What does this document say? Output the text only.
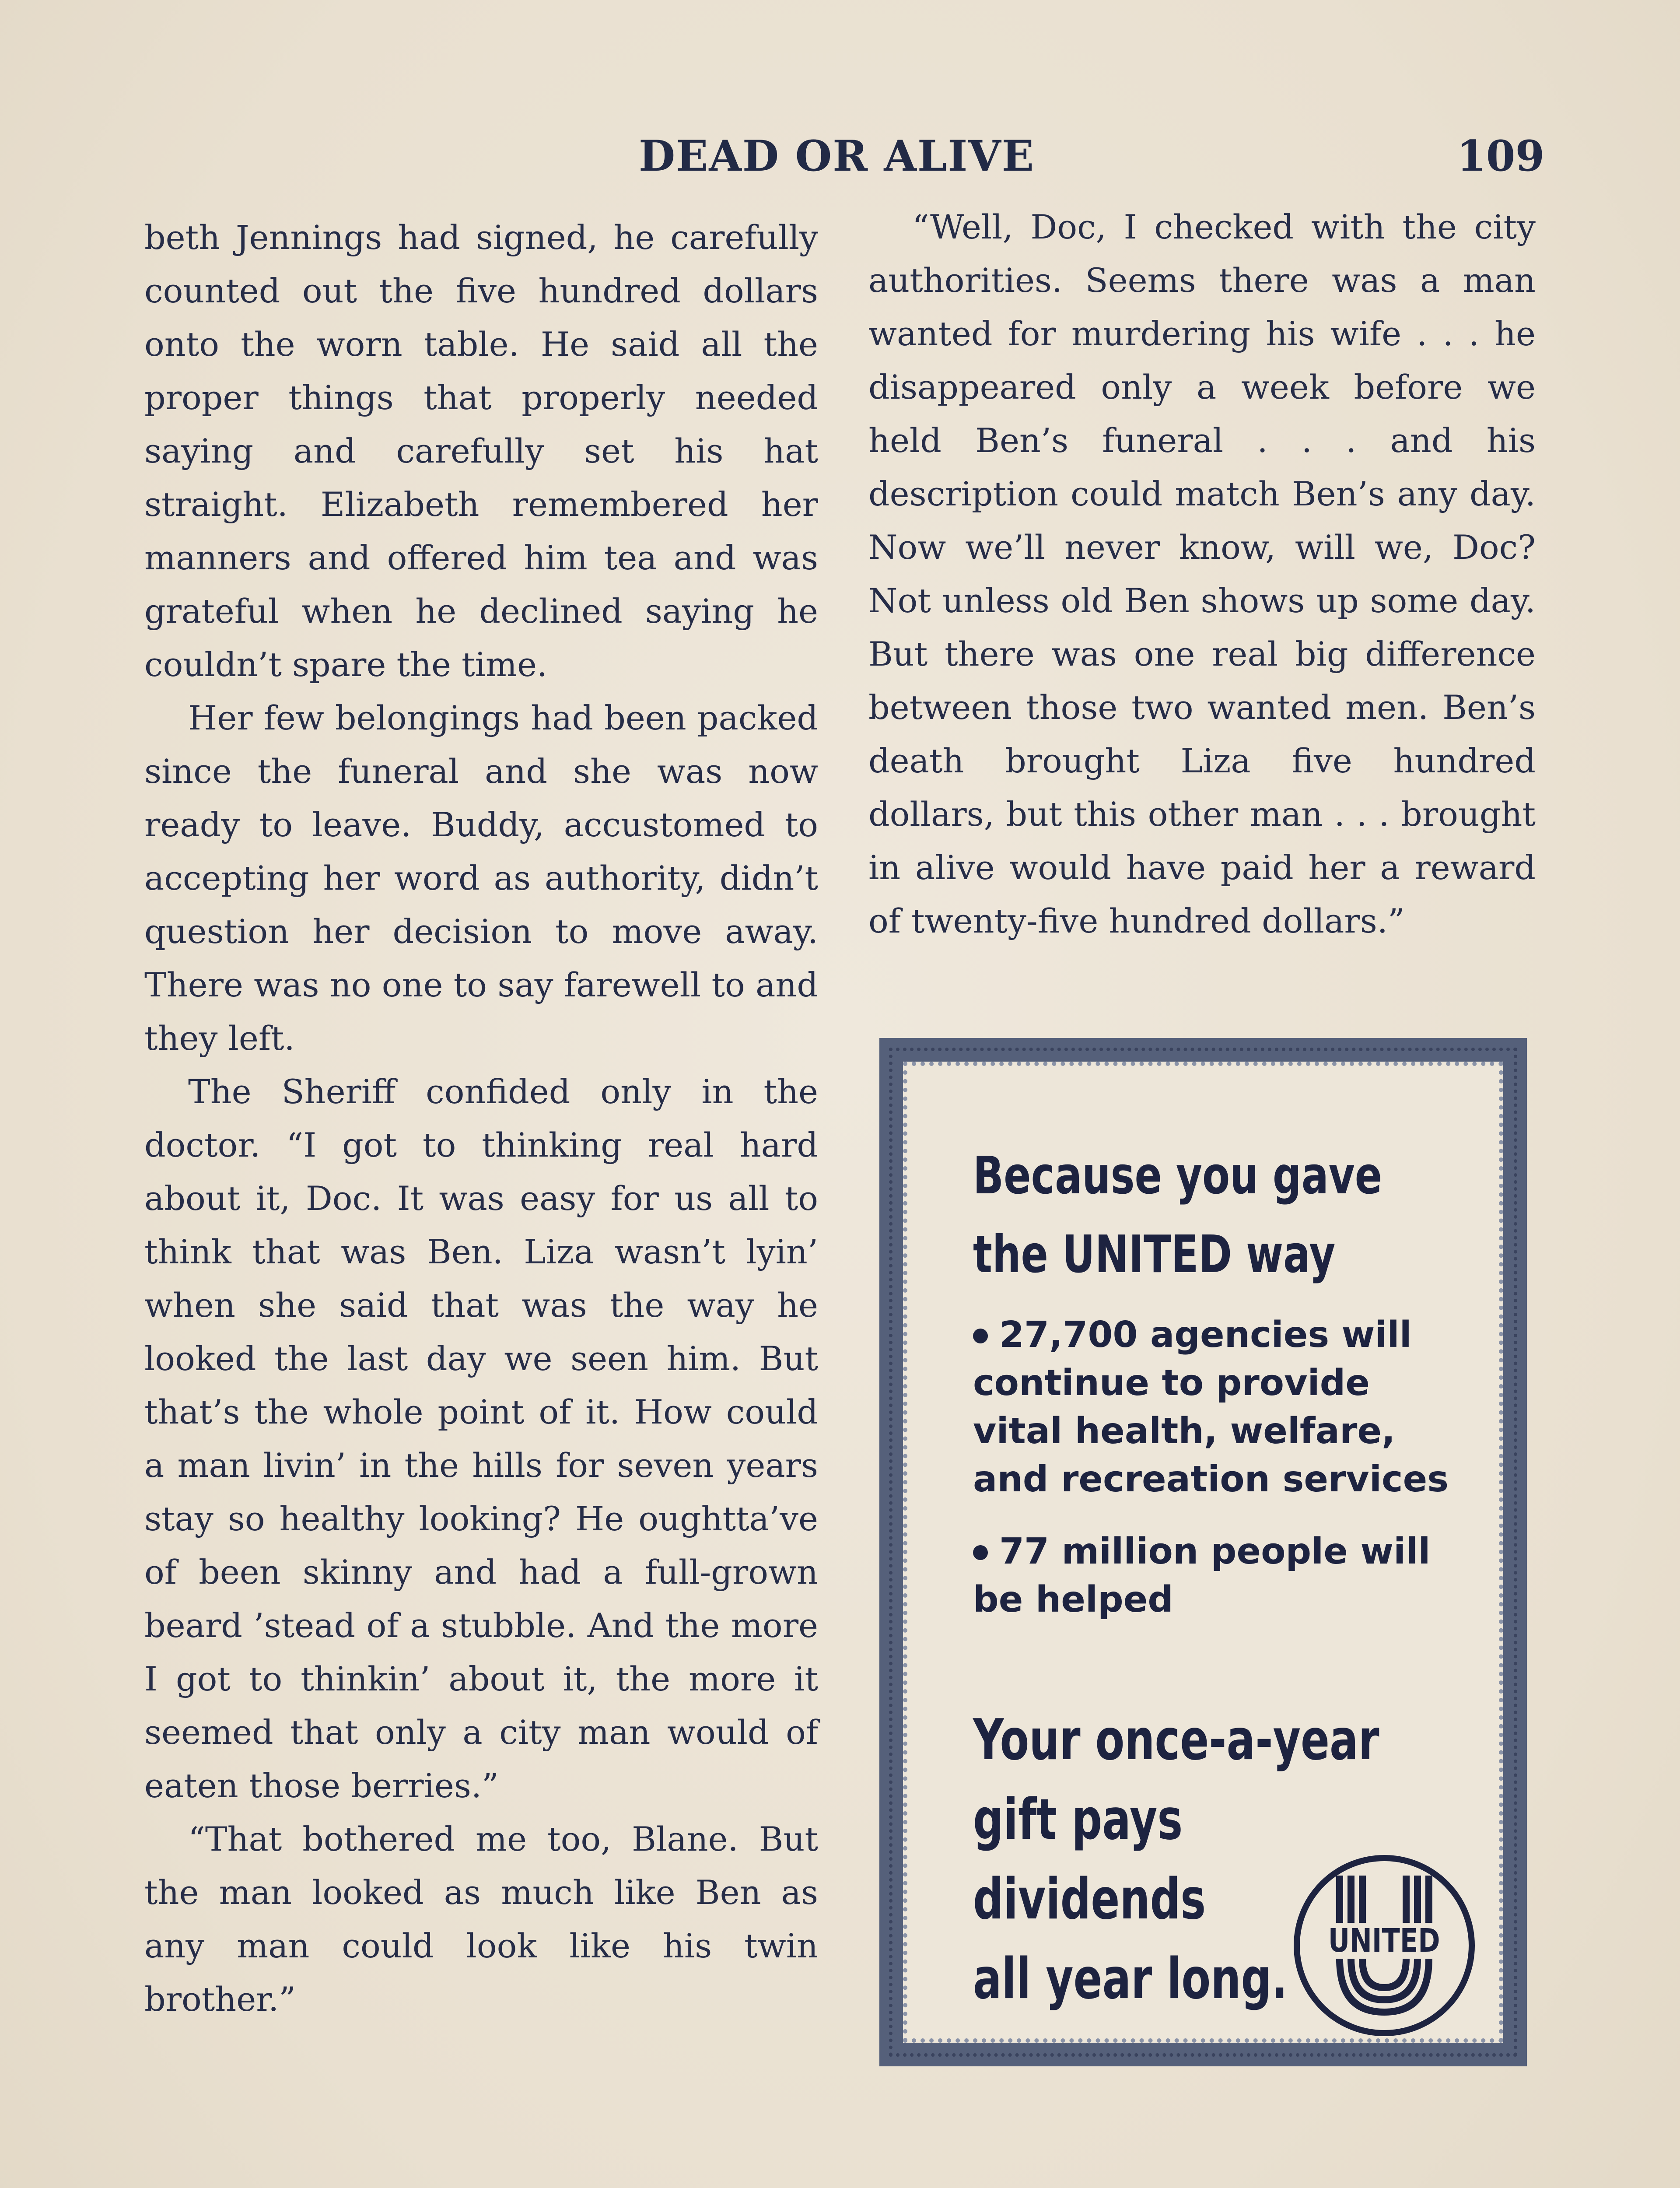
DEAD OR ALIVE	109

beth Jennings had signed, he carefully counted out the five hundred dollars onto the worn table. He said all the proper things that properly needed saying and carefully set his hat straight. Elizabeth remembered her manners and offered him tea and was grateful when he declined saying he couldn’t spare the time.

Her few belongings had been packed since the funeral and she was now ready to leave. Buddy, accustomed to accepting her word as authority, didn’t question her decision to move away. There was no one to say farewell to and they left.

The Sheriff confided only in the doctor. “I got to thinking real hard about it, Doc. It was easy for us all to think that was Ben. Liza wasn’t lyin’ when she said that was the way he looked the last day we seen him. But that’s the whole point of it. How could a man livin’ in the hills for seven years stay so healthy looking? He oughtta’ve of been skinny and had a full-grown beard ’stead of a stubble. And the more I got to thinkin’ about it, the more it seemed that only a city man would of eaten those berries.”

“That bothered me too, Blane. But the man looked as much like Ben as any man could look like his twin brother.”

“Well, Doc, I checked with the city authorities. Seems there was a man wanted for murdering his wife . . . he disappeared only a week before we held Ben’s funeral . . . and his description could match Ben’s any day. Now we’ll never know, will we, Doc? Not unless old Ben shows up some day. But there was one real big difference between those two wanted men. Ben’s death brought Liza five hundred dollars, but this other man . . . brought in alive would have paid her a reward of twenty-five hundred dollars.”

Because you gave
the UNITED way
27,700 agencies will continue to provide vital health, welfare, and recreation services
77 million people will be helped
Your once-a-year
gift pays dividends
all year long.
UNITED
